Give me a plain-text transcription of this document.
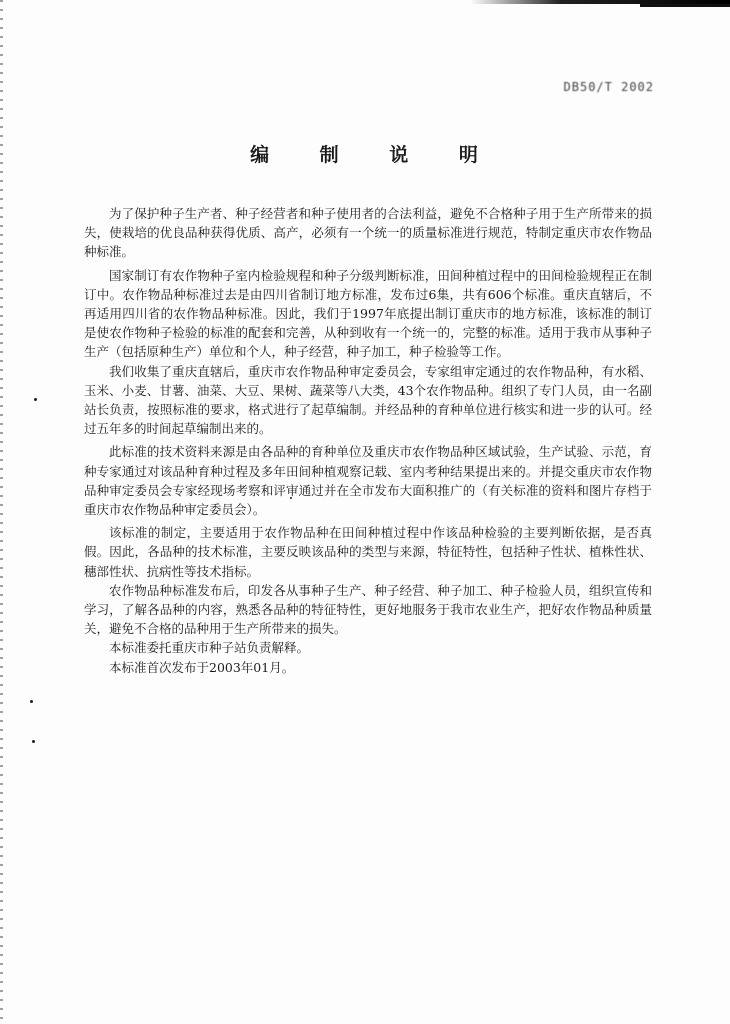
DB50/T 2002
编 制 说 明

为了保护种子生产者、种子经营者和种子使用者的合法利益，避免不合格种子用于生产所带来的损失，使栽培的优良品种获得优质、高产，必须有一个统一的质量标准进行规范，特制定重庆市农作物品种标准。

国家制订有农作物种子室内检验规程和种子分级判断标准，田间种植过程中的田间检验规程正在制订中。农作物品种标准过去是由四川省制订地方标准，发布过6集，共有606个标准。重庆直辖后，不再适用四川省的农作物品种标准。因此，我们于1997年底提出制订重庆市的地方标准，该标准的制订是使农作物种子检验的标准的配套和完善，从种到收有一个统一的，完整的标准。适用于我市从事种子生产（包括原种生产）单位和个人，种子经营，种子加工，种子检验等工作。

我们收集了重庆直辖后，重庆市农作物品种审定委员会，专家组审定通过的农作物品种，有水稻、玉米、小麦、甘薯、油菜、大豆、果树、蔬菜等八大类，43个农作物品种。组织了专门人员，由一名副站长负责，按照标准的要求，格式进行了起草编制。并经品种的育种单位进行核实和进一步的认可。经过五年多的时间起草编制出来的。

此标准的技术资料来源是由各品种的育种单位及重庆市农作物品种区域试验，生产试验、示范，育种专家通过对该品种育种过程及多年田间种植观察记载、室内考种结果提出来的。并提交重庆市农作物品种审定委员会专家经现场考察和评审通过并在全市发布大面积推广的（有关标准的资料和图片存档于重庆市农作物品种审定委员会）。

该标准的制定，主要适用于农作物品种在田间种植过程中作该品种检验的主要判断依据，是否真假。因此，各品种的技术标准，主要反映该品种的类型与来源，特征特性，包括种子性状、植株性状、穗部性状、抗病性等技术指标。

农作物品种标准发布后，印发各从事种子生产、种子经营、种子加工、种子检验人员，组织宣传和学习，了解各品种的内容，熟悉各品种的特征特性，更好地服务于我市农业生产，把好农作物品种质量关，避免不合格的品种用于生产所带来的损失。

本标准委托重庆市种子站负责解释。

本标准首次发布于2003年01月。
